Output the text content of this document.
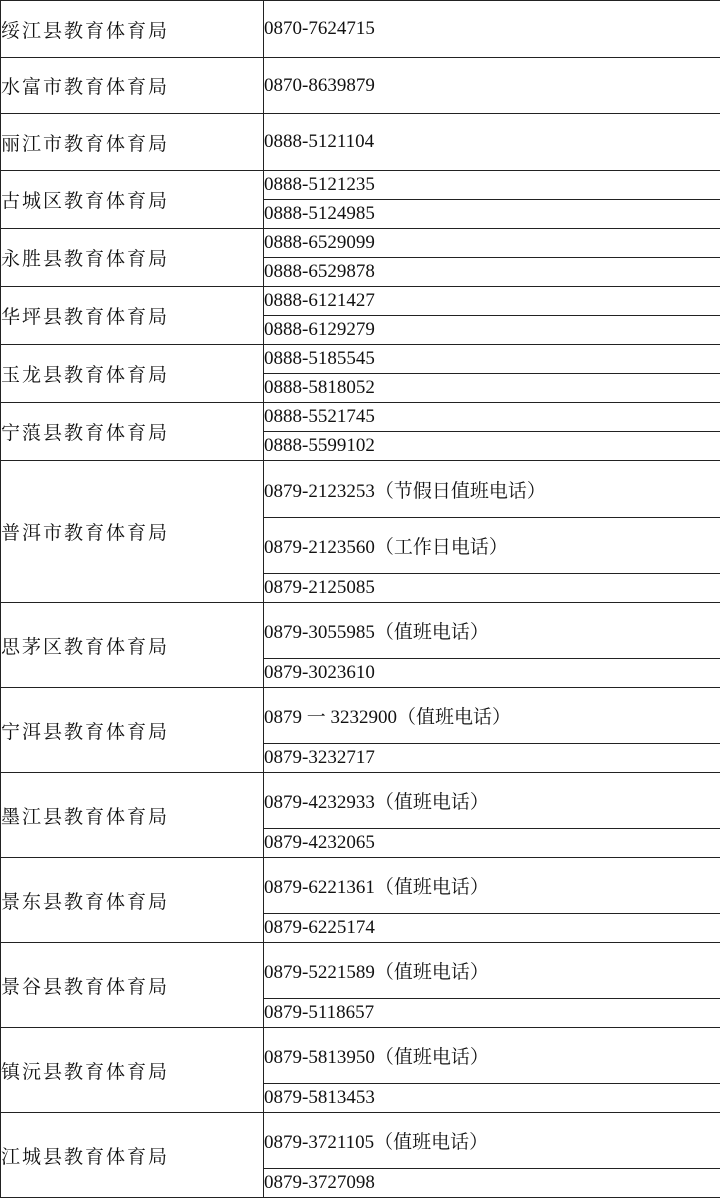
绥江县教育体育局	0870-7624715
水富市教育体育局	0870-8639879
丽江市教育体育局	0888-5121104
古城区教育体育局	0888-5121235
	0888-5124985
永胜县教育体育局	0888-6529099
	0888-6529878
华坪县教育体育局	0888-6121427
	0888-6129279
玉龙县教育体育局	0888-5185545
	0888-5818052
宁蒗县教育体育局	0888-5521745
	0888-5599102
普洱市教育体育局	0879-2123253（节假日值班电话）
	0879-2123560（工作日电话）
	0879-2125085
思茅区教育体育局	0879-3055985（值班电话）
	0879-3023610
宁洱县教育体育局	0879 一 3232900（值班电话）
	0879-3232717
墨江县教育体育局	0879-4232933（值班电话）
	0879-4232065
景东县教育体育局	0879-6221361（值班电话）
	0879-6225174
景谷县教育体育局	0879-5221589（值班电话）
	0879-5118657
镇沅县教育体育局	0879-5813950（值班电话）
	0879-5813453
江城县教育体育局	0879-3721105（值班电话）
	0879-3727098
